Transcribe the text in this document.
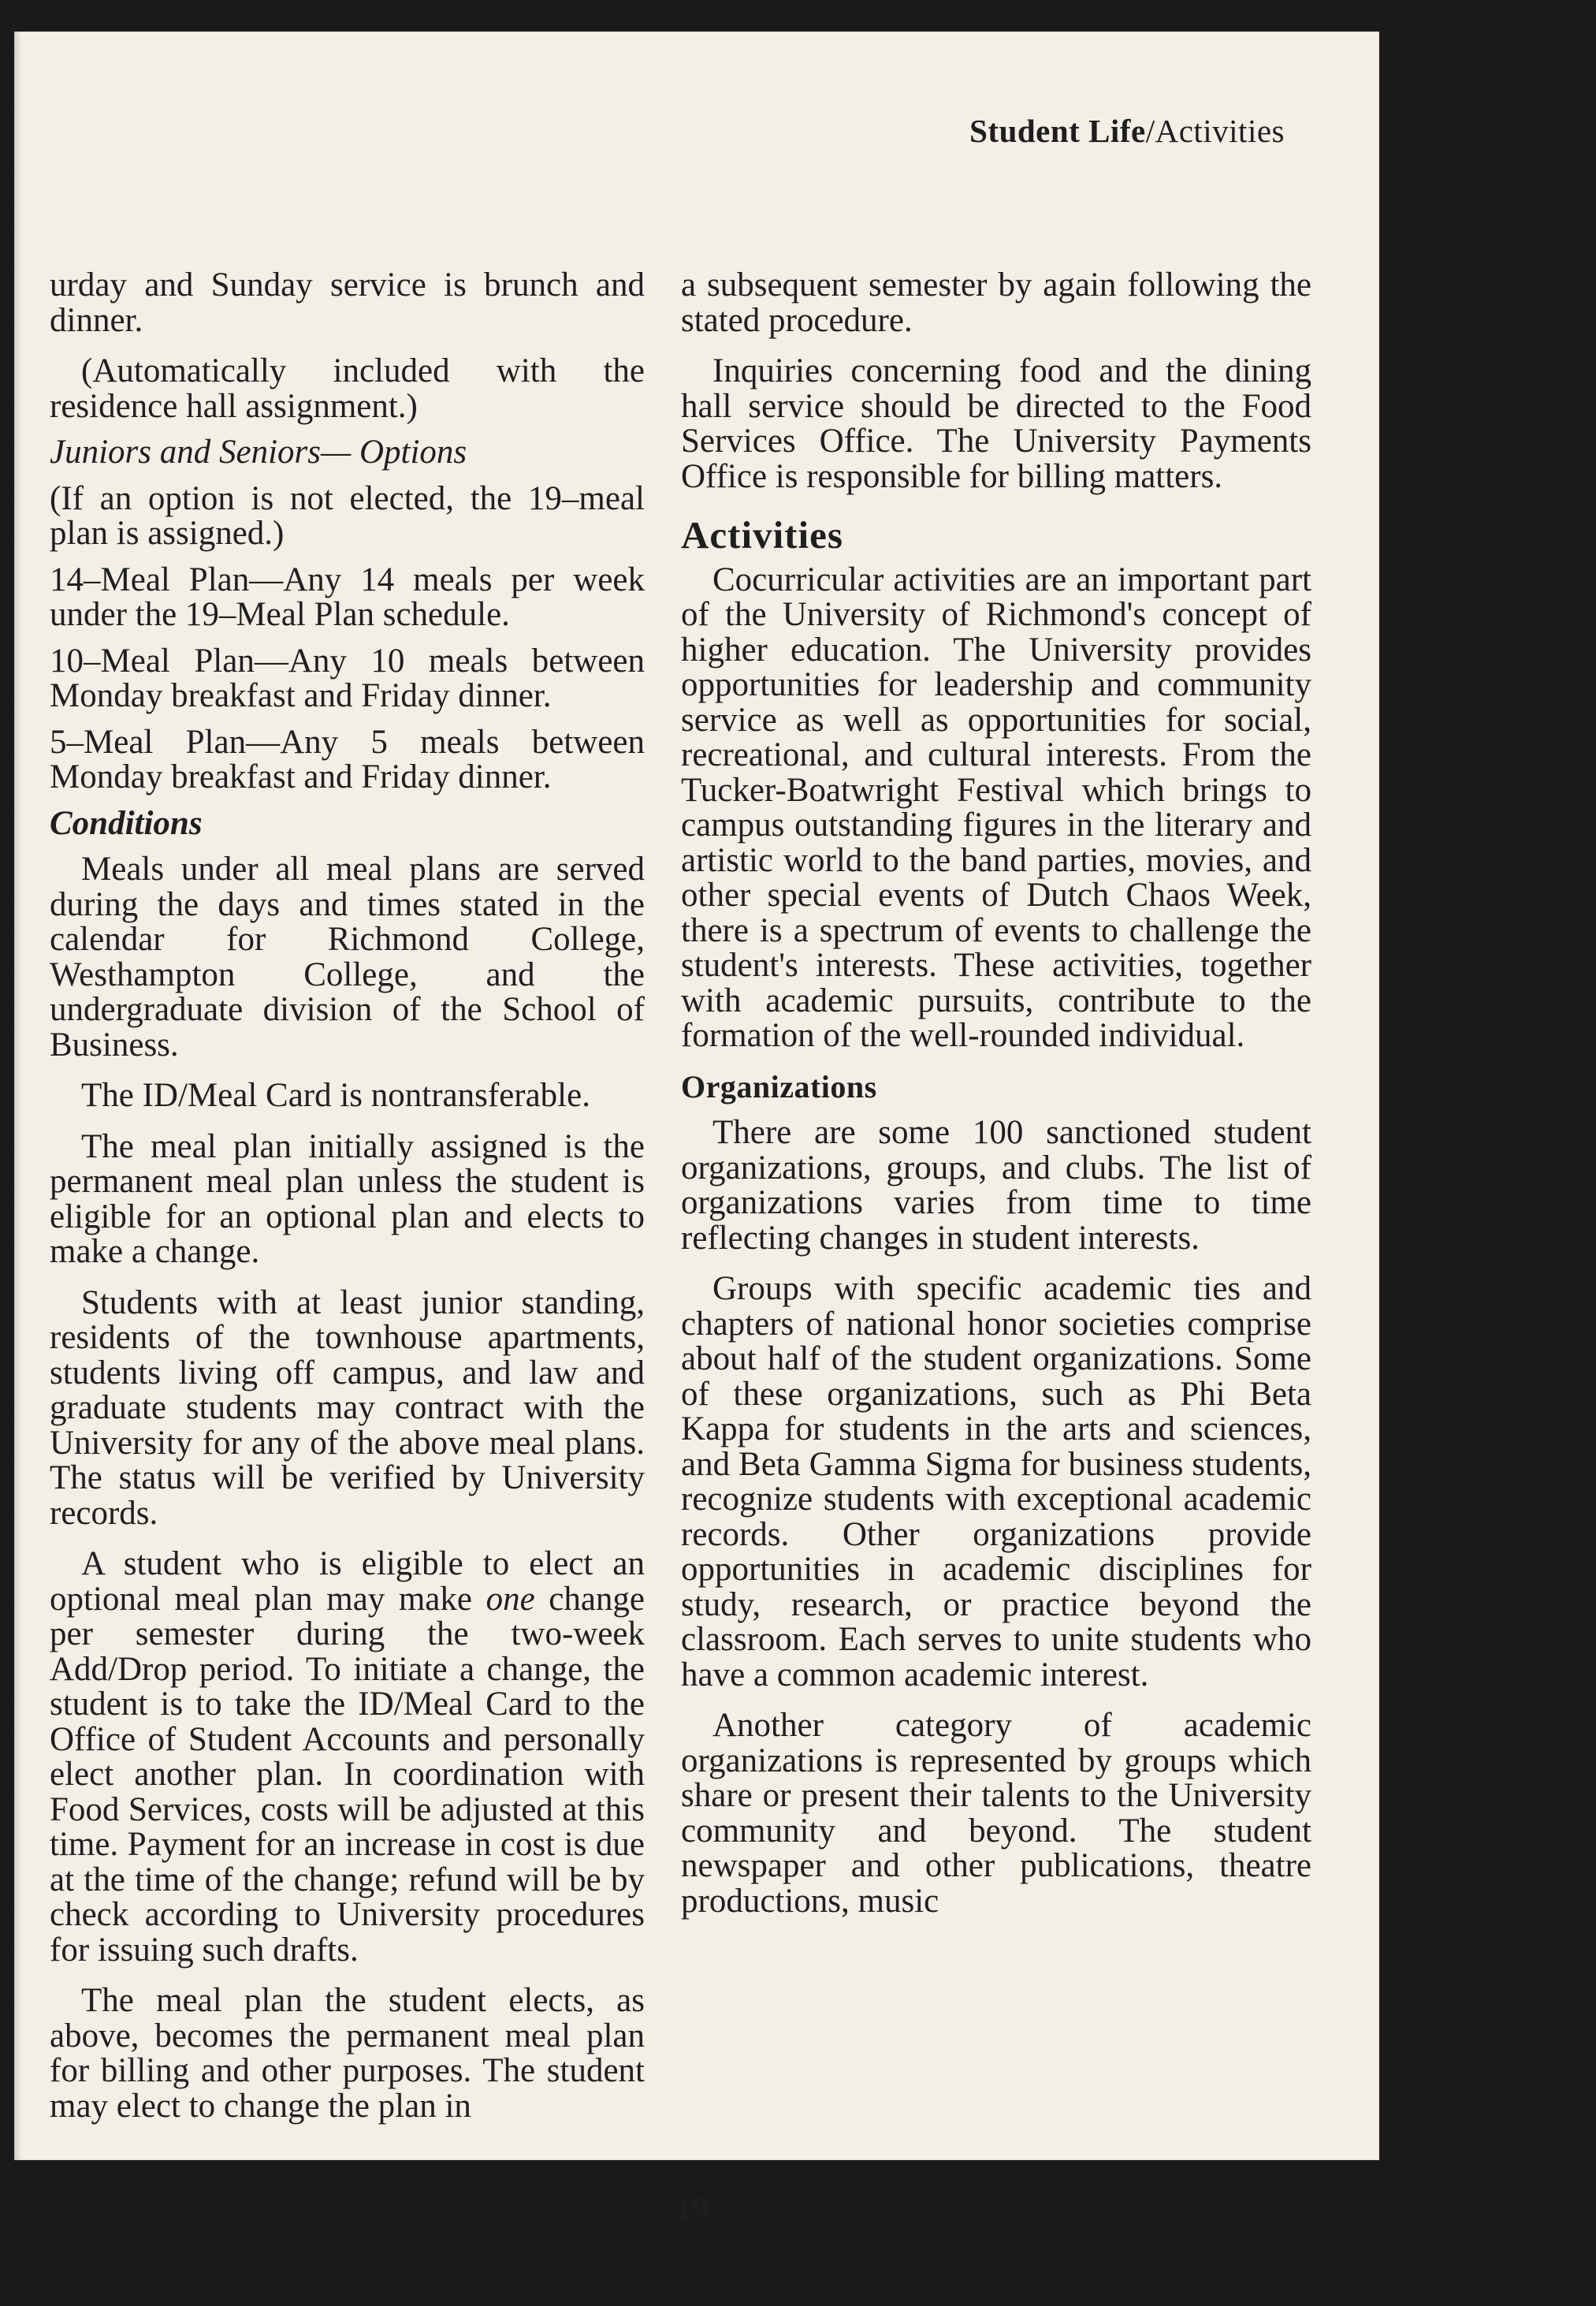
Student Life/Activities

urday and Sunday service is brunch and dinner.

(Automatically included with the residence hall assignment.)

Juniors and Seniors— Options

(If an option is not elected, the 19–meal plan is assigned.)

14–Meal Plan—Any 14 meals per week under the 19–Meal Plan schedule.

10–Meal Plan—Any 10 meals between Monday breakfast and Friday dinner.

5–Meal Plan—Any 5 meals between Monday breakfast and Friday dinner.

Conditions

Meals under all meal plans are served during the days and times stated in the calendar for Richmond College, Westhampton College, and the undergraduate division of the School of Business.

The ID/Meal Card is nontransferable.

The meal plan initially assigned is the permanent meal plan unless the student is eligible for an optional plan and elects to make a change.

Students with at least junior standing, residents of the townhouse apartments, students living off campus, and law and graduate students may contract with the University for any of the above meal plans. The status will be verified by University records.

A student who is eligible to elect an optional meal plan may make one change per semester during the two-week Add/Drop period. To initiate a change, the student is to take the ID/Meal Card to the Office of Student Accounts and personally elect another plan. In coordination with Food Services, costs will be adjusted at this time. Payment for an increase in cost is due at the time of the change; refund will be by check according to University procedures for issuing such drafts.

The meal plan the student elects, as above, becomes the permanent meal plan for billing and other purposes. The student may elect to change the plan in

a subsequent semester by again following the stated procedure.

Inquiries concerning food and the dining hall service should be directed to the Food Services Office. The University Payments Office is responsible for billing matters.

Activities

Cocurricular activities are an important part of the University of Richmond's concept of higher education. The University provides opportunities for leadership and community service as well as opportunities for social, recreational, and cultural interests. From the Tucker-Boatwright Festival which brings to campus outstanding figures in the literary and artistic world to the band parties, movies, and other special events of Dutch Chaos Week, there is a spectrum of events to challenge the student's interests. These activities, together with academic pursuits, contribute to the formation of the well-rounded individual.

Organizations

There are some 100 sanctioned student organizations, groups, and clubs. The list of organizations varies from time to time reflecting changes in student interests.

Groups with specific academic ties and chapters of national honor societies comprise about half of the student organizations. Some of these organizations, such as Phi Beta Kappa for students in the arts and sciences, and Beta Gamma Sigma for business students, recognize students with exceptional academic records. Other organizations provide opportunities in academic disciplines for study, research, or practice beyond the classroom. Each serves to unite students who have a common academic interest.

Another category of academic organizations is represented by groups which share or present their talents to the University community and beyond. The student newspaper and other publications, theatre productions, music

19
